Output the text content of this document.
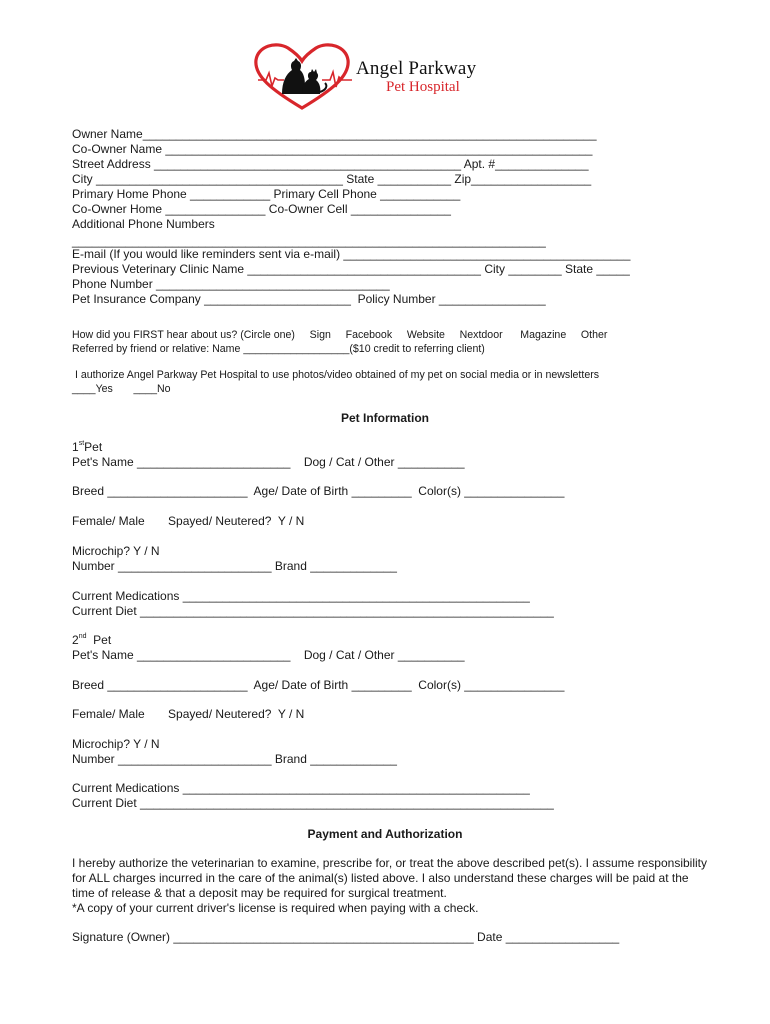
Angel Parkway
Pet Hospital
Owner Name____________________________________________________________________
Co-Owner Name ________________________________________________________________
Street Address ______________________________________________ Apt. #______________
City _____________________________________ State ___________ Zip__________________
Primary Home Phone ____________ Primary Cell Phone ____________
Co-Owner Home _______________ Co-Owner Cell _______________
Additional Phone Numbers
_______________________________________________________________________
E-mail (If you would like reminders sent via e-mail) ___________________________________________
Previous Veterinary Clinic Name ___________________________________ City ________ State _____
Phone Number ___________________________________
Pet Insurance Company ______________________  Policy Number ________________
How did you FIRST hear about us? (Circle one)     Sign     Facebook     Website     Nextdoor      Magazine     Other
Referred by friend or relative: Name __________________($10 credit to referring client)
I authorize Angel Parkway Pet Hospital to use photos/video obtained of my pet on social media or in newsletters
____Yes       ____No
Pet Information
1stPet
Pet's Name _______________________    Dog / Cat / Other __________
Breed _____________________  Age/ Date of Birth _________  Color(s) _______________
Female/ Male       Spayed/ Neutered?  Y / N
Microchip? Y / N
Number _______________________ Brand _____________
Current Medications ____________________________________________________
Current Diet ______________________________________________________________
2nd  Pet
Pet's Name _______________________    Dog / Cat / Other __________
Breed _____________________  Age/ Date of Birth _________  Color(s) _______________
Female/ Male       Spayed/ Neutered?  Y / N
Microchip? Y / N
Number _______________________ Brand _____________
Current Medications ____________________________________________________
Current Diet ______________________________________________________________
Payment and Authorization
I hereby authorize the veterinarian to examine, prescribe for, or treat the above described pet(s). I assume responsibility for ALL charges incurred in the care of the animal(s) listed above. I also understand these charges will be paid at the time of release & that a deposit may be required for surgical treatment.
*A copy of your current driver's license is required when paying with a check.
Signature (Owner) _____________________________________________ Date _________________
